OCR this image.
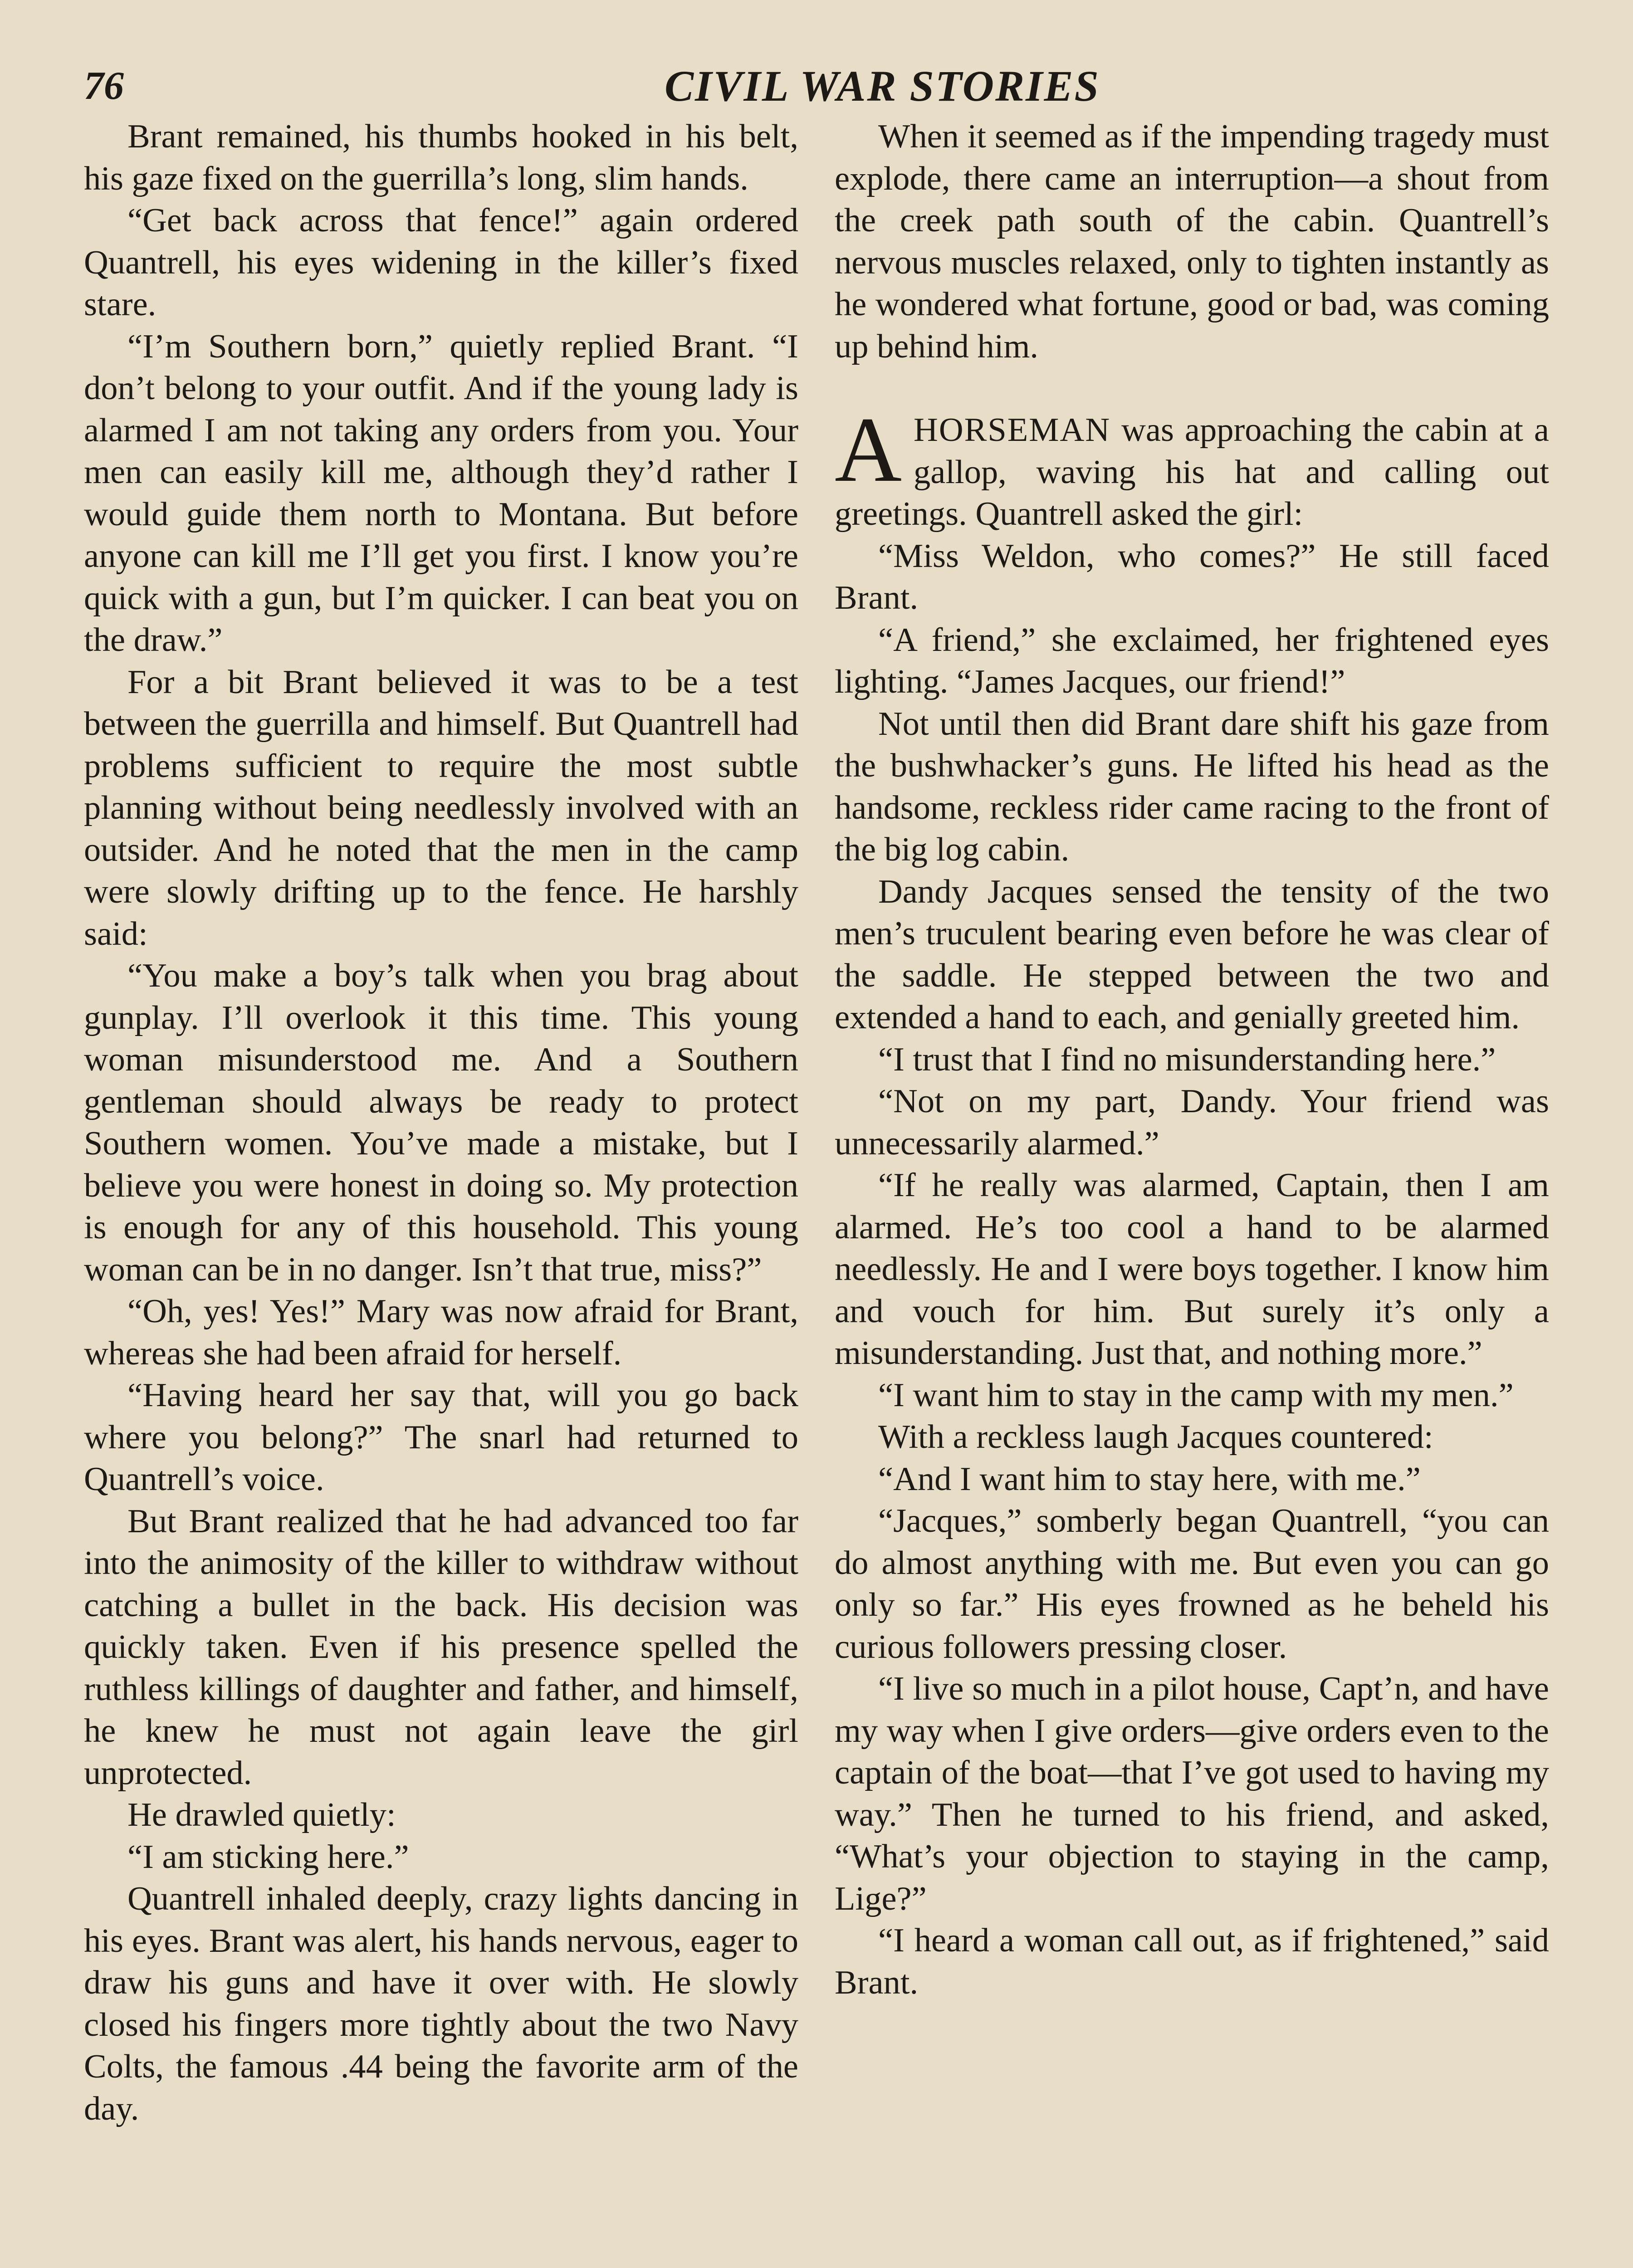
76	CIVIL WAR STORIES

Brant remained, his thumbs hooked in his belt, his gaze fixed on the guerrilla’s long, slim hands.

“Get back across that fence!” again ordered Quantrell, his eyes widening in the killer’s fixed stare.

“I’m Southern born,” quietly replied Brant. “I don’t belong to your outfit. And if the young lady is alarmed I am not taking any orders from you. Your men can easily kill me, although they’d rather I would guide them north to Montana. But before anyone can kill me I’ll get you first. I know you’re quick with a gun, but I’m quicker. I can beat you on the draw.”

For a bit Brant believed it was to be a test between the guerrilla and himself. But Quantrell had problems sufficient to require the most subtle planning without being needlessly involved with an outsider. And he noted that the men in the camp were slowly drifting up to the fence. He harshly said:

“You make a boy’s talk when you brag about gunplay. I’ll overlook it this time. This young woman misunderstood me. And a Southern gentleman should always be ready to protect Southern women. You’ve made a mistake, but I believe you were honest in doing so. My protection is enough for any of this household. This young woman can be in no danger. Isn’t that true, miss?”

“Oh, yes! Yes!” Mary was now afraid for Brant, whereas she had been afraid for herself.

“Having heard her say that, will you go back where you belong?” The snarl had returned to Quantrell’s voice.

But Brant realized that he had advanced too far into the animosity of the killer to withdraw without catching a bullet in the back. His decision was quickly taken. Even if his presence spelled the ruthless killings of daughter and father, and himself, he knew he must not again leave the girl unprotected.

He drawled quietly:

“I am sticking here.”

Quantrell inhaled deeply, crazy lights dancing in his eyes. Brant was alert, his hands nervous, eager to draw his guns and have it over with. He slowly closed his fingers more tightly about the two Navy Colts, the famous .44 being the favorite arm of the day.

When it seemed as if the impending tragedy must explode, there came an interruption—a shout from the creek path south of the cabin. Quantrell’s nervous muscles relaxed, only to tighten instantly as he wondered what fortune, good or bad, was coming up behind him.

AHORSEMAN was approaching the cabin at a gallop, waving his hat and calling out greetings. Quantrell asked the girl:

“Miss Weldon, who comes?” He still faced Brant.

“A friend,” she exclaimed, her frightened eyes lighting. “James Jacques, our friend!”

Not until then did Brant dare shift his gaze from the bushwhacker’s guns. He lifted his head as the handsome, reckless rider came racing to the front of the big log cabin.

Dandy Jacques sensed the tensity of the two men’s truculent bearing even before he was clear of the saddle. He stepped between the two and extended a hand to each, and genially greeted him.

“I trust that I find no misunderstanding here.”

“Not on my part, Dandy. Your friend was unnecessarily alarmed.”

“If he really was alarmed, Captain, then I am alarmed. He’s too cool a hand to be alarmed needlessly. He and I were boys together. I know him and vouch for him. But surely it’s only a misunderstanding. Just that, and nothing more.”

“I want him to stay in the camp with my men.”

With a reckless laugh Jacques countered:

“And I want him to stay here, with me.”

“Jacques,” somberly began Quantrell, “you can do almost anything with me. But even you can go only so far.” His eyes frowned as he beheld his curious followers pressing closer.

“I live so much in a pilot house, Capt’n, and have my way when I give orders—give orders even to the captain of the boat—that I’ve got used to having my way.” Then he turned to his friend, and asked, “What’s your objection to staying in the camp, Lige?”

“I heard a woman call out, as if frightened,” said Brant.
